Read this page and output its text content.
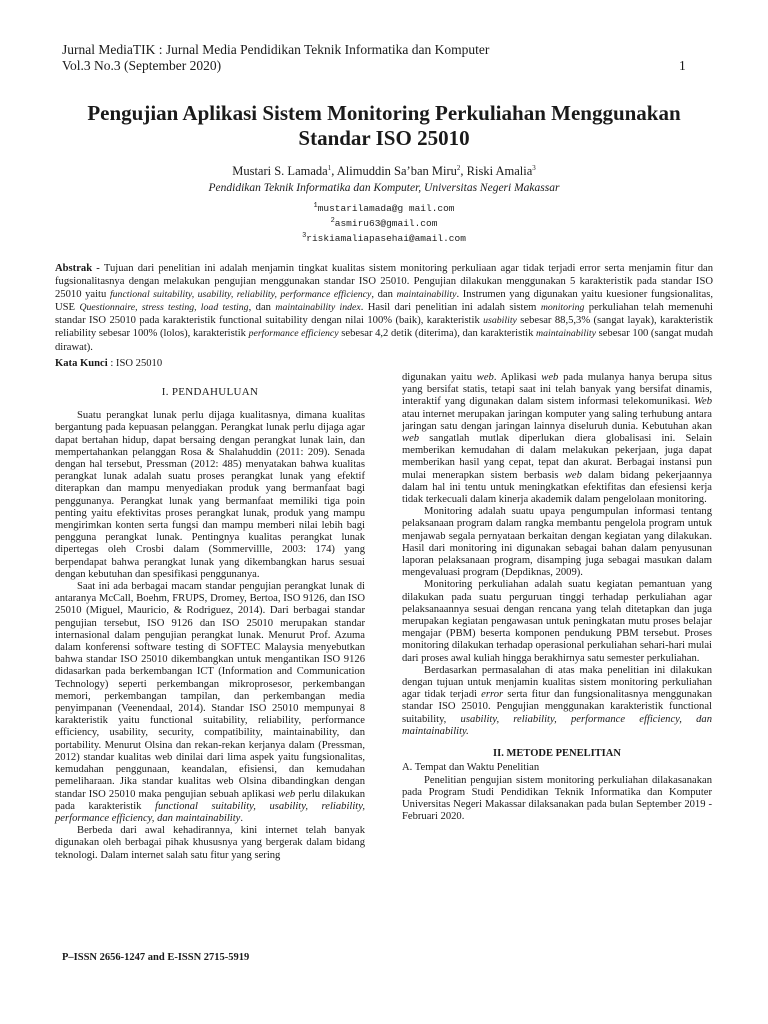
Jurnal MediaTIK : Jurnal Media Pendidikan Teknik Informatika dan Komputer
Vol.3 No.3 (September 2020)	1
Pengujian Aplikasi Sistem Monitoring Perkuliahan Menggunakan
Standar ISO 25010
Mustari S. Lamada$^1$, Alimuddin Sa’ban Miru$^2$, Riski Amalia$^3$
Pendidikan Teknik Informatika dan Komputer, Universitas Negeri Makassar
$^1$mustarilamada@g mail.com
$^2$asmiru63@gmail.com
$^3$riskiamaliapasehai@amail.com
Abstrak - Tujuan dari penelitian ini adalah menjamin tingkat kualitas sistem monitoring perkuliaan agar tidak terjadi error serta menjamin fitur dan fugsionalitasnya dengan melakukan pengujian menggunakan standar ISO 25010. Pengujian dilakukan menggunakan 5 karakteristik pada standar ISO 25010 yaitu functional suitability, usability, reliability, performance efficiency, dan maintainability. Instrumen yang digunakan yaitu kuesioner fungsionalitas, USE Questionnaire, stress testing, load testing, dan maintainability index. Hasil dari penelitian ini adalah sistem monitoring perkuliahan telah memenuhi standar ISO 25010 pada karakteristik functional suitability dengan nilai 100% (baik), karakteristik usability sebesar 88,5,3% (sangat layak), karakteristik reliability sebesar 100% (lolos), karakteristik performance efficiency sebesar 4,2 detik (diterima), dan karakteristik maintainability sebesar 100 (sangat mudah dirawat).
Kata Kunci : ISO 25010

I. PENDAHULUAN

Suatu perangkat lunak perlu dijaga kualitasnya, dimana kualitas bergantung pada kepuasan pelanggan. Perangkat lunak perlu dijaga agar dapat bertahan hidup, dapat bersaing dengan perangkat lunak lain, dan mempertahankan pelanggan Rosa & Shalahuddin (2011: 209). Senada dengan hal tersebut, Pressman (2012: 485) menyatakan bahwa kualitas perangkat lunak adalah suatu proses perangkat lunak yang efektif diterapkan dan mampu menyediakan produk yang bermanfaat bagi penggunanya. Perangkat lunak yang bermanfaat memiliki tiga poin penting yaitu efektivitas proses perangkat lunak, produk yang mampu mengirimkan konten serta fungsi dan mampu memberi nilai lebih bagi pengguna perangkat lunak. Pentingnya kualitas perangkat lunak dipertegas oleh Crosbi dalam (Sommervillle, 2003: 174) yang berpendapat bahwa perangkat lunak yang dikembangkan harus sesuai dengan kebutuhan dan spesifikasi penggunanya.

Saat ini ada berbagai macam standar pengujian perangkat lunak di antaranya McCall, Boehm, FRUPS, Dromey, Bertoa, ISO 9126, dan ISO 25010 (Miguel, Mauricio, & Rodriguez, 2014). Dari berbagai standar pengujian tersebut, ISO 9126 dan ISO 25010 merupakan standar internasional dalam pengujian perangkat lunak. Menurut Prof. Azuma dalam konferensi software testing di SOFTEC Malaysia menyebutkan bahwa standar ISO 25010 dikembangkan untuk mengantikan ISO 9126 didasarkan pada berkembangan ICT (Information and Communication Technology) seperti perkembangan mikroprosesor, perkembangan memori, perkembangan tampilan, dan perkembangan media penyimpanan (Veenendaal, 2014). Standar ISO 25010 mempunyai 8 karakteristik yaitu functional suitability, reliability, performance efficiency, usability, security, compatibility, maintainability, dan portability. Menurut Olsina dan rekan-rekan kerjanya dalam (Pressman, 2012) standar kualitas web dinilai dari lima aspek yaitu fungsionalitas, kemudahan penggunaan, keandalan, efisiensi, dan kemudahan pemeliharaan. Jika standar kualitas web Olsina dibandingkan dengan standar ISO 25010 maka pengujian sebuah aplikasi web perlu dilakukan pada karakteristik functional suitability, usability, reliability, performance efficiency, dan maintainability.

Berbeda dari awal kehadirannya, kini internet telah banyak digunakan oleh berbagai pihak khususnya yang bergerak dalam bidang teknologi. Dalam internet salah satu fitur yang sering

digunakan yaitu web. Aplikasi web pada mulanya hanya berupa situs yang bersifat statis, tetapi saat ini telah banyak yang bersifat dinamis, interaktif yang digunakan dalam sistem informasi telekomunikasi. Web atau internet merupakan jaringan komputer yang saling terhubung antara jaringan satu dengan jaringan lainnya diseluruh dunia. Kebutuhan akan web sangatlah mutlak diperlukan diera globalisasi ini. Selain memberikan kemudahan di dalam melakukan pekerjaan, juga dapat memberikan hasil yang cepat, tepat dan akurat. Berbagai instansi pun mulai menerapkan sistem berbasis web dalam bidang pekerjaannya dalam hal ini tentu untuk meningkatkan efektifitas dan efesiensi kerja tidak terkecuali dalam kinerja akademik dalam pengelolaan monitoring.

Monitoring adalah suatu upaya pengumpulan informasi tentang pelaksanaan program dalam rangka membantu pengelola program untuk menjawab segala pernyataan berkaitan dengan kegiatan yang dilakukan. Hasil dari monitoring ini digunakan sebagai bahan dalam penyusunan laporan pelaksanaan program, disamping juga sebagai masukan dalam mengevaluasi program (Depdiknas, 2009).

Monitoring perkuliahan adalah suatu kegiatan pemantuan yang dilakukan pada suatu perguruan tinggi terhadap perkuliahan agar pelaksanaannya sesuai dengan rencana yang telah ditetapkan dan juga merupakan kegiatan pengawasan untuk peningkatan mutu proses belajar mengajar (PBM) beserta komponen pendukung PBM tersebut. Proses monitoring dilakukan terhadap operasional perkuliahan sehari-hari mulai dari proses awal kuliah hingga berakhirnya satu semester perkuliahan.

Berdasarkan permasalahan di atas maka penelitian ini dilakukan dengan tujuan untuk menjamin kualitas sistem monitoring perkuliahan agar tidak terjadi error serta fitur dan fungsionalitasnya menggunakan standar ISO 25010. Pengujian menggunakan karakteristik functional suitability, usability, reliability, performance efficiency, dan maintainability.

II. METODE PENELITIAN

A. Tempat dan Waktu Penelitian

Penelitian pengujian sistem monitoring perkuliahan dilakasanakan pada Program Studi Pendidikan Teknik Informatika dan Komputer Universitas Negeri Makassar dilaksanakan pada bulan September 2019 - Februari 2020.

P–ISSN 2656-1247 and E-ISSN 2715-5919
